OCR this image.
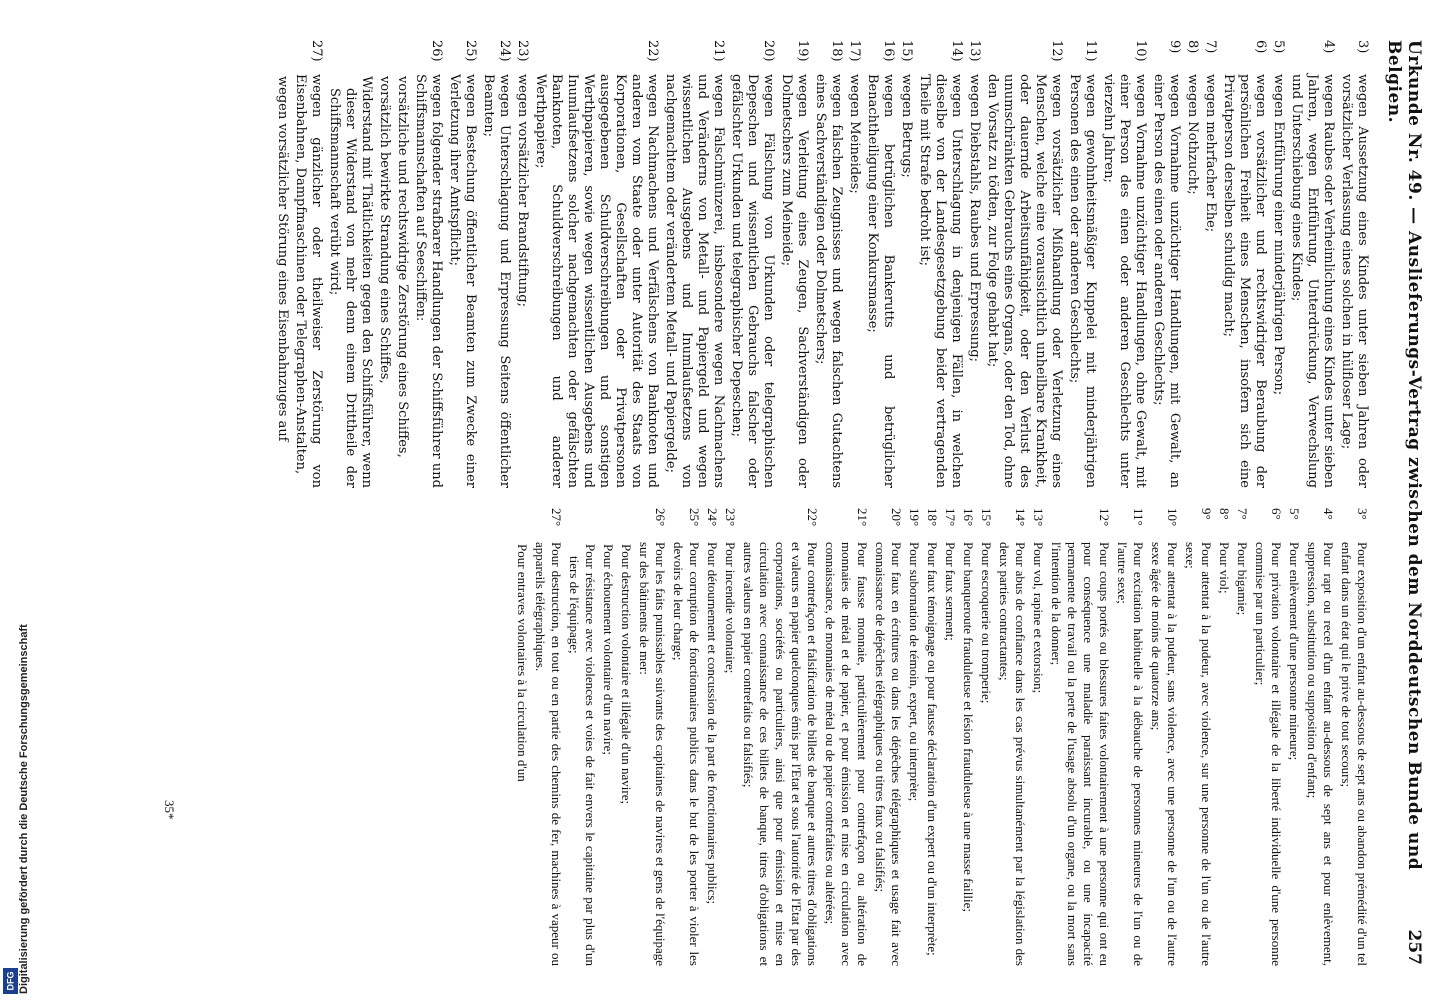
Urkunde Nr. 49. — Auslieferungs-Vertrag zwischen dem Norddeutschen Bunde und Belgien.
257
3)
wegen Aussetzung eines Kindes unter sieben Jahren oder vorsätzlicher Verlassung eines solchen in hülfloser Lage;
4)
wegen Raubes oder Verheimlichung eines Kindes unter sieben Jahren, wegen Entführung, Unterdrückung, Verwechslung und Unterschiebung eines Kindes;
5)
wegen Entführung einer minderjährigen Person;
6)
wegen vorsätzlicher und rechtswidriger Beraubung der persönlichen Freiheit eines Menschen, insofern sich eine Privatperson derselben schuldig macht;
7)
wegen mehrfacher Ehe;
8)
wegen Nothzucht;
9)
wegen Vornahme unzüchtiger Handlungen, mit Gewalt, an einer Person des einen oder anderen Geschlechts;
10)
wegen Vornahme unzüchtiger Handlungen, ohne Gewalt, mit einer Person des einen oder anderen Geschlechts unter vierzehn Jahren;
11)
wegen gewohnheitsmäßiger Kuppelei mit minderjährigen Personen des einen oder anderen Geschlechts;
12)
wegen vorsätzlicher Mißhandlung oder Verletzung eines Menschen, welche eine voraussichtlich unheilbare Krankheit, oder dauernde Arbeitsunfähigkeit, oder den Verlust des unumschränkten Gebrauchs eines Organs, oder den Tod, ohne den Vorsatz zu tödten, zur Folge gehabt hat;
13)
wegen Diebstahls, Raubes und Erpressung;
14)
wegen Unterschlagung in denjenigen Fällen, in welchen dieselbe von der Landesgesetzgebung beider vertragenden Theile mit Strafe bedroht ist;
15)
wegen Betrugs;
16)
wegen betrüglichen Bankerutts und betrüglicher Benachtheiligung einer Konkursmasse;
17)
wegen Meineides;
18)
wegen falschen Zeugnisses und wegen falschen Gutachtens eines Sachverständigen oder Dolmetschers;
19)
wegen Verleitung eines Zeugen, Sachverständigen oder Dolmetschers zum Meineide;
20)
wegen Fälschung von Urkunden oder telegraphischen Depeschen und wissentlichen Gebrauchs falscher oder gefälschter Urkunden und telegraphischer Depeschen;
21)
wegen Falschmünzerei, insbesondere wegen Nachmachens und Veränderns von Metall- und Papiergeld und wegen wissentlichen Ausgebens und Inumlaufsetzens von nachgemachtem oder verändertem Metall- und Papiergelde;
22)
wegen Nachmachens und Verfälschens von Banknoten und anderen vom Staate oder unter Autorität des Staats von Korporationen, Gesellschaften oder Privatpersonen ausgegebenen Schuldverschreibungen und sonstigen Werthpapieren, sowie wegen wissentlichen Ausgebens und Inumlaufsetzens solcher nachgemachten oder gefälschten Banknoten, Schuldverschreibungen und anderer Werthpapiere;
23)
wegen vorsätzlicher Brandstiftung;
24)
wegen Unterschlagung und Erpressung Seitens öffentlicher Beamten;
25)
wegen Bestechung öffentlicher Beamten zum Zwecke einer Verletzung ihrer Amtspflicht;
26)
wegen folgender strafbarer Handlungen der Schiffsführer und Schiffsmannschaften auf Seeschiffen:
vorsätzliche und rechtswidrige Zerstörung eines Schiffes,
vorsätzlich bewirkte Strandung eines Schiffes,
Widerstand mit Thätlichkeiten gegen den Schiffsführer, wenn dieser Widerstand von mehr denn einem Drittheile der Schiffsmannschaft verübt wird;
27)
wegen gänzlicher oder theilweiser Zerstörung von Eisenbahnen, Dampfmaschinen oder Telegraphen-Anstalten,
wegen vorsätzlicher Störung eines Eisenbahnzuges auf
3°
Pour exposition d'un enfant au-dessous de sept ans ou abandon prémédité d'un tel enfant dans un état qui le prive de tout secours;
4°
Pour rapt ou recel d'un enfant au-dessous de sept ans et pour enlèvement, suppression, substitution ou supposition d'enfant;
5°
Pour enlèvement d'une personne mineure;
6°
Pour privation volontaire et illégale de la liberté individuelle d'une personne commise par un particulier;
7°
Pour bigamie;
8°
Pour viol;
9°
Pour attentat à la pudeur, avec violence, sur une personne de l'un ou de l'autre sexe;
10°
Pour attentat à la pudeur, sans violence, avec une personne de l'un ou de l'autre sexe âgée de moins de quatorze ans;
11°
Pour excitation habituelle à la débauche de personnes mineures de l'un ou de l'autre sexe;
12°
Pour coups portés ou blessures faites volontairement à une personne qui ont eu pour conséquence une maladie paraissant incurable, ou une incapacité permanente de travail ou la perte de l'usage absolu d'un organe, ou la mort sans l'intention de la donner;
13°
Pour vol, rapine et extorsion;
14°
Pour abus de confiance dans les cas prévus simultanément par la législation des deux parties contractantes;
15°
Pour escroquerie ou tromperie;
16°
Pour banqueroute frauduleuse et lésion frauduleuse à une masse faillie;
17°
Pour faux serment;
18°
Pour faux témoignage ou pour fausse déclaration d'un expert ou d'un interprète;
19°
Pour subornation de témoin, expert, ou interprète;
20°
Pour faux en écritures ou dans les dépêches télégraphiques et usage fait avec connaissance de dépêches télégraphiques ou titres faux ou falsifiés;
21°
Pour fausse monnaie, particulièrement pour contrefaçon ou altération de monnaies de métal et de papier, et pour émission et mise en circulation avec connaissance, de monnaies de métal ou de papier contrefaites ou altérées;
22°
Pour contrefaçon et falsification de billets de banque et autres titres d'obligations et valeurs en papier quelconques émis par l'Etat et sous l'autorité de l'Etat par des corporations, sociétés ou particuliers, ainsi que pour émission et mise en circulation avec connaissance de ces billets de banque, titres d'obligations et autres valeurs en papier contrefaits ou falsifiés;
23°
Pour incendie volontaire;
24°
Pour détournement et concussion de la part de fonctionnaires publics;
25°
Pour corruption de fonctionnaires publics dans le but de les porter à violer les devoirs de leur charge;
26°
Pour les faits punissables suivants des capitaines de navires et gens de l'équipage sur des bâtiments de mer:
Pour destruction volontaire et illégale d'un navire;
Pour échouement volontaire d'un navire;
Pour résistance avec violences et voies de fait envers le capitaine par plus d'un tiers de l'équipage;
27°
Pour destruction, en tout ou en partie des chemins de fer, machines à vapeur ou appareils télégraphiques.
Pour entraves volontaires à la circulation d'un
35*
Digitalisierung gefördert durch die Deutsche Forschungsgemeinschaft
DFG
